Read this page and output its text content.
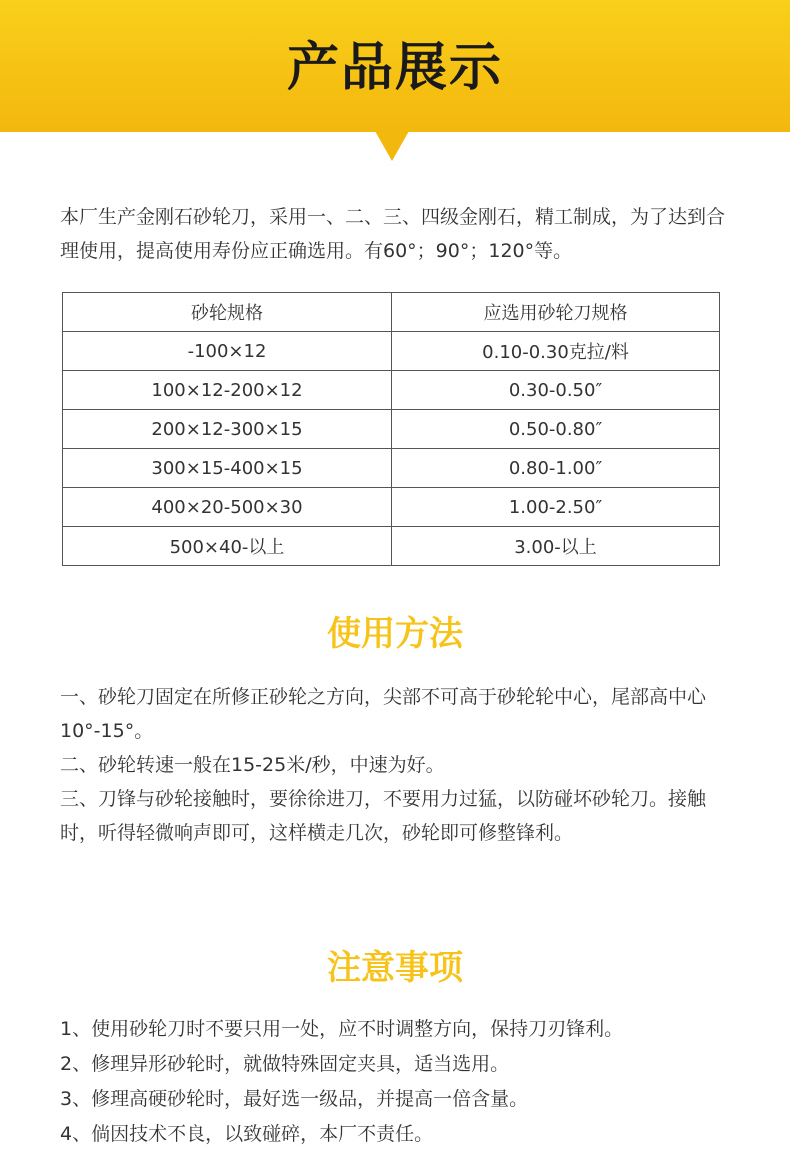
产品展示

本厂生产金刚石砂轮刀，采用一、二、三、四级金刚石，精工制成，为了达到合理使用，提高使用寿份应正确选用。有60°；90°；120°等。

砂轮规格	应选用砂轮刀规格
-100×12	0.10-0.30克拉/料
100×12-200×12	0.30-0.50″
200×12-300×15	0.50-0.80″
300×15-400×15	0.80-1.00″
400×20-500×30	1.00-2.50″
500×40-以上	3.00-以上
使用方法

一、砂轮刀固定在所修正砂轮之方向，尖部不可高于砂轮轮中心，尾部高中心10°-15°。

二、砂轮转速一般在15-25米/秒，中速为好。

三、刀锋与砂轮接触时，要徐徐进刀，不要用力过猛，以防碰坏砂轮刀。接触时，听得轻微响声即可，这样横走几次，砂轮即可修整锋利。

注意事项

1、使用砂轮刀时不要只用一处，应不时调整方向，保持刀刃锋利。

2、修理异形砂轮时，就做特殊固定夹具，适当选用。

3、修理高硬砂轮时，最好选一级品，并提高一倍含量。

4、倘因技术不良，以致碰碎，本厂不责任。
